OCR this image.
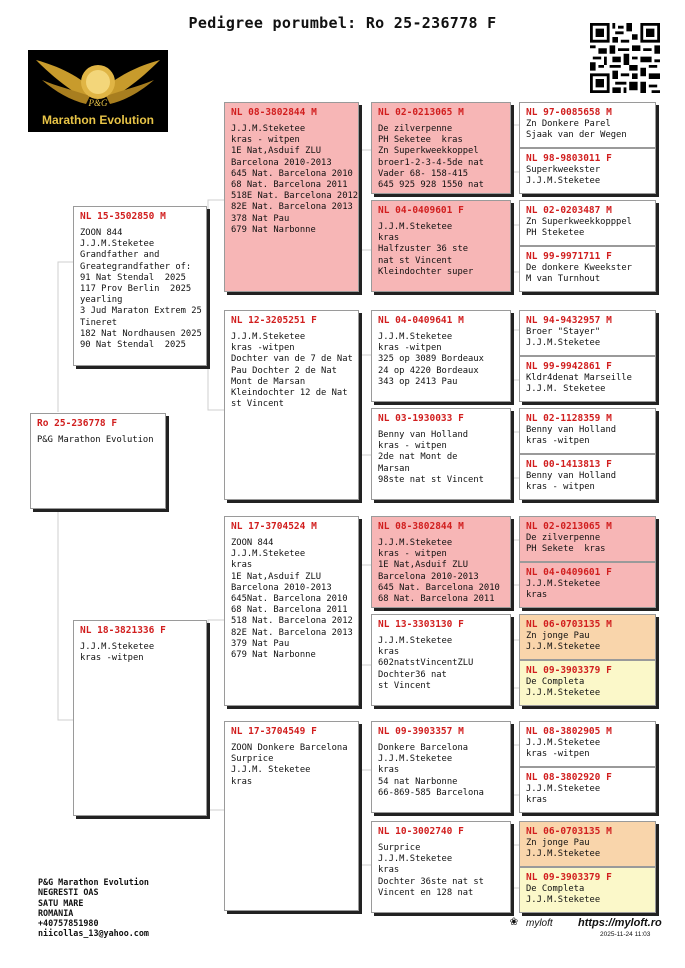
Pedigree porumbel: Ro 25-236778 F
P&G
Marathon Evolution
Ro 25-236778 F
P&G Marathon Evolution
NL 15-3502850 M
ZOON 844
J.J.M.Steketee
Grandfather and
Greategrandfather of:
91 Nat Stendal  2025
117 Prov Berlin  2025
yearling
3 Jud Maraton Extrem 25
Tineret
182 Nat Nordhausen 2025
90 Nat Stendal  2025
NL 18-3821336 F
J.J.M.Steketee
kras -witpen
NL 08-3802844 M
J.J.M.Steketee
kras - witpen
1E Nat,Asduif ZLU
Barcelona 2010-2013
645 Nat. Barcelona 2010
68 Nat. Barcelona 2011
518E Nat. Barcelona 2012
82E Nat. Barcelona 2013
378 Nat Pau
679 Nat Narbonne
NL 12-3205251 F
J.J.M.Steketee
kras -witpen
Dochter van de 7 de Nat
Pau Dochter 2 de Nat
Mont de Marsan
Kleindochter 12 de Nat
st Vincent
NL 17-3704524 M
ZOON 844
J.J.M.Steketee
kras
1E Nat,Asduif ZLU
Barcelona 2010-2013
645Nat. Barcelona 2010
68 Nat. Barcelona 2011
518 Nat. Barcelona 2012
82E Nat. Barcelona 2013
379 Nat Pau
679 Nat Narbonne
NL 17-3704549 F
ZOON Donkere Barcelona
Surprice
J.J.M. Steketee
kras
NL 02-0213065 M
De zilverpenne
PH Seketee  kras
Zn Superkweekkoppel
broer1-2-3-4-5de nat
Vader 68- 158-415
645 925 928 1550 nat
NL 04-0409601 F
J.J.M.Steketee
kras
Halfzuster 36 ste
nat st Vincent
Kleindochter super
NL 04-0409641 M
J.J.M.Steketee
kras -witpen
325 op 3089 Bordeaux
24 op 4220 Bordeaux
343 op 2413 Pau
NL 03-1930033 F
Benny van Holland
kras - witpen
2de nat Mont de
Marsan
98ste nat st Vincent
NL 08-3802844 M
J.J.M.Steketee
kras - witpen
1E Nat,Asduif ZLU
Barcelona 2010-2013
645 Nat. Barcelona 2010
68 Nat. Barcelona 2011
NL 13-3303130 F
J.J.M.Steketee
kras
602natstVincentZLU
Dochter36 nat
st Vincent
NL 09-3903357 M
Donkere Barcelona
J.J.M.Steketee
kras
54 nat Narbonne
66-869-585 Barcelona
NL 10-3002740 F
Surprice
J.J.M.Steketee
kras
Dochter 36ste nat st
Vincent en 128 nat
NL 97-0085658 M
Zn Donkere Parel
Sjaak van der Wegen
NL 98-9803011 F
Superkweekster
J.J.M.Steketee
NL 02-0203487 M
Zn Superkweekkopppel
PH Steketee
NL 99-9971711 F
De donkere Kweekster
M van Turnhout
NL 94-9432957 M
Broer "Stayer"
J.J.M.Steketee
NL 99-9942861 F
Kldr4denat Marseille
J.J.M. Steketee
NL 02-1128359 M
Benny van Holland
kras -witpen
NL 00-1413813 F
Benny van Holland
kras - witpen
NL 02-0213065 M
De zilverpenne
PH Sekete  kras
NL 04-0409601 F
J.J.M.Steketee
kras
NL 06-0703135 M
Zn jonge Pau
J.J.M.Steketee
NL 09-3903379 F
De Completa
J.J.M.Steketee
NL 08-3802905 M
J.J.M.Steketee
kras -witpen
NL 08-3802920 F
J.J.M.Steketee
kras
NL 06-0703135 M
Zn jonge Pau
J.J.M.Steketee
NL 09-3903379 F
De Completa
J.J.M.Steketee
P&G Marathon Evolution
NEGRESTI OAS
SATU MARE
ROMANIA
+40757851980
niicollas_13@yahoo.com
❀ myloft https://myloft.ro
2025-11-24 11:03
